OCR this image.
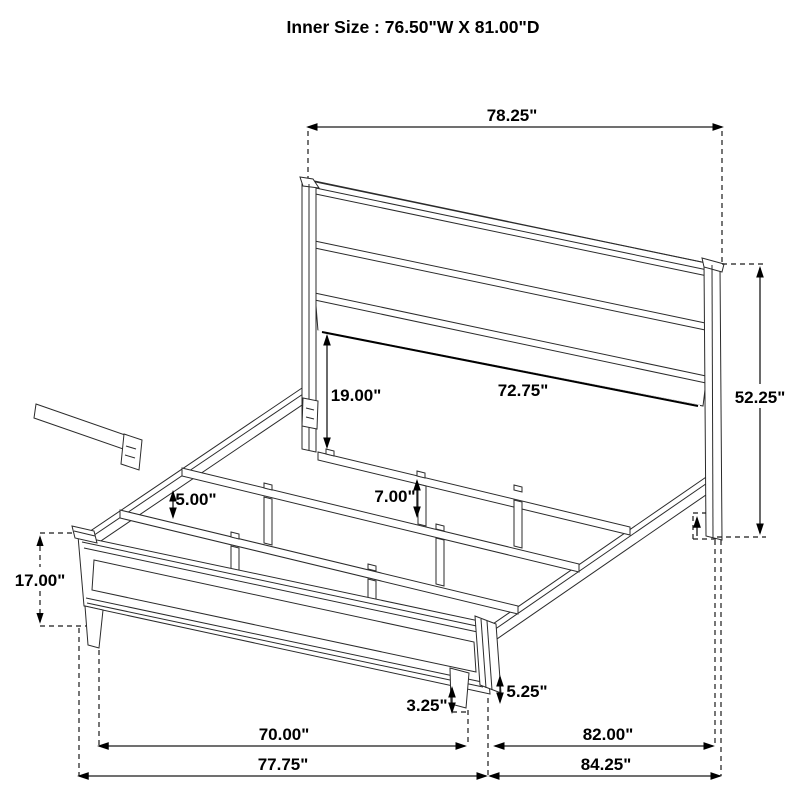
78.25"
72.75"	52.25"
19.00"
5.00"	7.00"
17.00"
3.25"
5.25"
70.00"	82.00"
77.75"	84.25"
Inner Size : 76.50"W X 81.00"D
